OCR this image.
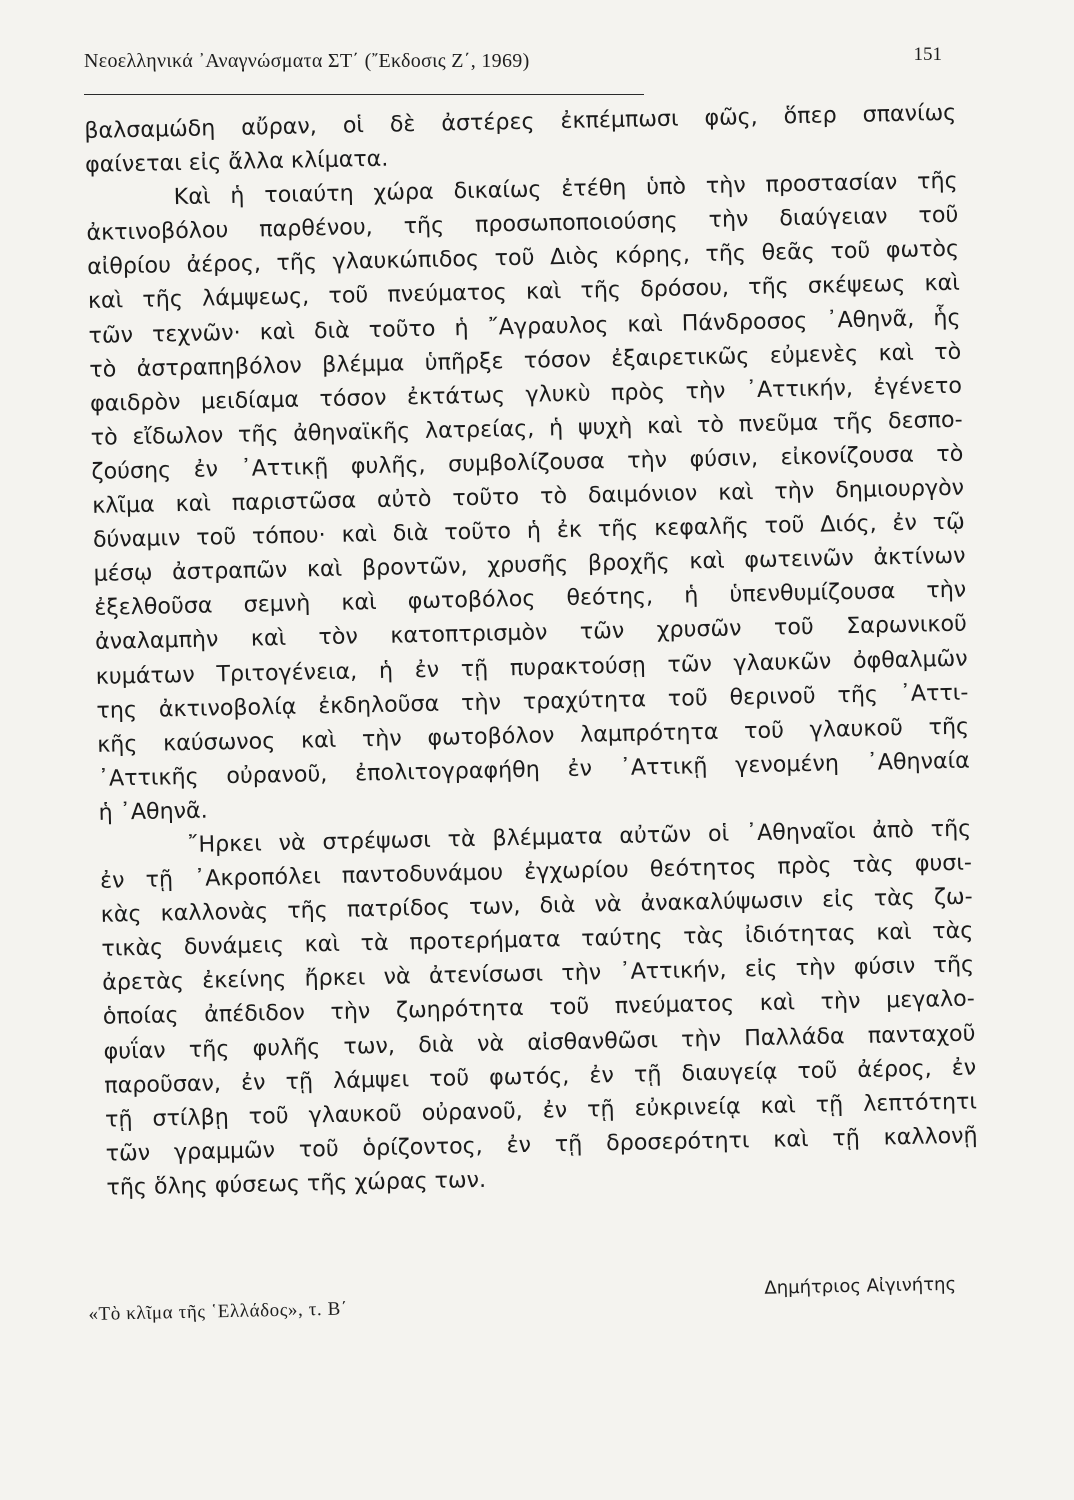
Νεοελληνικά ᾿Αναγνώσματα ΣΤ΄ (῎Εκδοσις Ζ΄, 1969)	151
βαλσαμώδη αὔραν, οἱ δὲ ἀστέρες ἐκπέμπωσι φῶς, ὅπερ σπανίως
φαίνεται εἰς ἄλλα κλίματα.
Καὶ ἡ τοιαύτη χώρα δικαίως ἐτέθη ὑπὸ τὴν προστασίαν τῆς
ἀκτινοβόλου παρθένου, τῆς προσωποποιούσης τὴν διαύγειαν τοῦ
αἰθρίου ἀέρος, τῆς γλαυκώπιδος τοῦ Διὸς κόρης, τῆς θεᾶς τοῦ φωτὸς
καὶ τῆς λάμψεως, τοῦ πνεύματος καὶ τῆς δρόσου, τῆς σκέψεως καὶ
τῶν τεχνῶν· καὶ διὰ τοῦτο ἡ ῎Αγραυλος καὶ Πάνδροσος ᾿Αθηνᾶ, ἧς
τὸ ἀστραπηβόλον βλέμμα ὑπῆρξε τόσον ἐξαιρετικῶς εὐμενὲς καὶ τὸ
φαιδρὸν μειδίαμα τόσον ἐκτάτως γλυκὺ πρὸς τὴν ᾿Αττικήν, ἐγένετο
τὸ εἴδωλον τῆς ἀθηναϊκῆς λατρείας, ἡ ψυχὴ καὶ τὸ πνεῦμα τῆς δεσπο-
ζούσης ἐν ᾿Αττικῇ φυλῆς, συμβολίζουσα τὴν φύσιν, εἰκονίζουσα τὸ
κλῖμα καὶ παριστῶσα αὐτὸ τοῦτο τὸ δαιμόνιον καὶ τὴν δημιουργὸν
δύναμιν τοῦ τόπου· καὶ διὰ τοῦτο ἡ ἐκ τῆς κεφαλῆς τοῦ Διός, ἐν τῷ
μέσῳ ἀστραπῶν καὶ βροντῶν, χρυσῆς βροχῆς καὶ φωτεινῶν ἀκτίνων
ἐξελθοῦσα σεμνὴ καὶ φωτοβόλος θεότης, ἡ ὑπενθυμίζουσα τὴν
ἀναλαμπὴν καὶ τὸν κατοπτρισμὸν τῶν χρυσῶν τοῦ Σαρωνικοῦ
κυμάτων Τριτογένεια, ἡ ἐν τῇ πυρακτούσῃ τῶν γλαυκῶν ὀφθαλμῶν
της ἀκτινοβολίᾳ ἐκδηλοῦσα τὴν τραχύτητα τοῦ θερινοῦ τῆς ᾿Αττι-
κῆς καύσωνος καὶ τὴν φωτοβόλον λαμπρότητα τοῦ γλαυκοῦ τῆς
᾿Αττικῆς οὐρανοῦ, ἐπολιτογραφήθη ἐν ᾿Αττικῇ γενομένη ᾿Αθηναία
ἡ ᾿Αθηνᾶ.
῎Ηρκει νὰ στρέψωσι τὰ βλέμματα αὐτῶν οἱ ᾿Αθηναῖοι ἀπὸ τῆς
ἐν τῇ ᾿Ακροπόλει παντοδυνάμου ἐγχωρίου θεότητος πρὸς τὰς φυσι-
κὰς καλλονὰς τῆς πατρίδος των, διὰ νὰ ἀνακαλύψωσιν εἰς τὰς ζω-
τικὰς δυνάμεις καὶ τὰ προτερήματα ταύτης τὰς ἰδιότητας καὶ τὰς
ἀρετὰς ἐκείνης ἤρκει νὰ ἀτενίσωσι τὴν ᾿Αττικήν, εἰς τὴν φύσιν τῆς
ὁποίας ἀπέδιδον τὴν ζωηρότητα τοῦ πνεύματος καὶ τὴν μεγαλο-
φυΐαν τῆς φυλῆς των, διὰ νὰ αἰσθανθῶσι τὴν Παλλάδα πανταχοῦ
παροῦσαν, ἐν τῇ λάμψει τοῦ φωτός, ἐν τῇ διαυγείᾳ τοῦ ἀέρος, ἐν
τῇ στίλβῃ τοῦ γλαυκοῦ οὐρανοῦ, ἐν τῇ εὐκρινείᾳ καὶ τῇ λεπτότητι
τῶν γραμμῶν τοῦ ὁρίζοντος, ἐν τῇ δροσερότητι καὶ τῇ καλλονῇ
τῆς ὅλης φύσεως τῆς χώρας των.
«Τὸ κλῖμα τῆς ῾Ελλάδος», τ. Β΄
Δημήτριος Αἰγινήτης
